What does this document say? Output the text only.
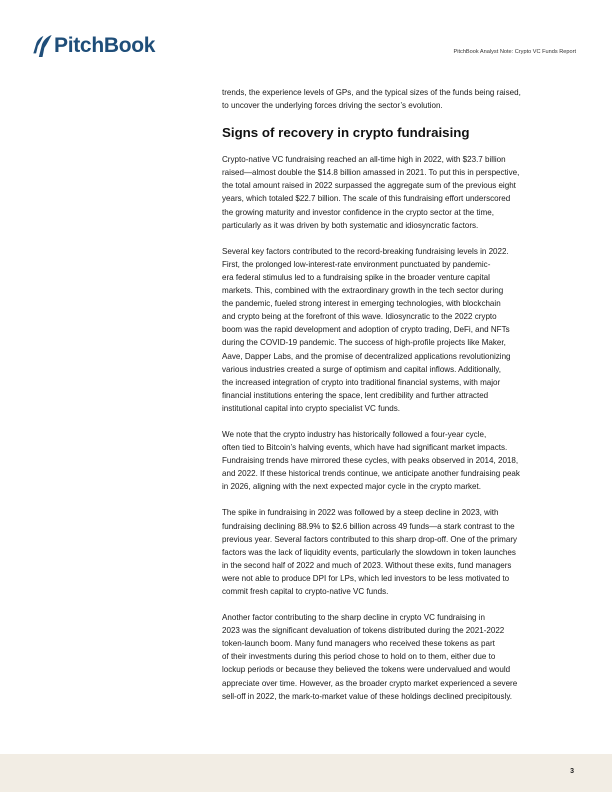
PitchBook	PitchBook Analyst Note: Crypto VC Funds Report

trends, the experience levels of GPs, and the typical sizes of the funds being raised,
to uncover the underlying forces driving the sector’s evolution.

Signs of recovery in crypto fundraising

Crypto-native VC fundraising reached an all-time high in 2022, with $23.7 billion
raised—almost double the $14.8 billion amassed in 2021. To put this in perspective,
the total amount raised in 2022 surpassed the aggregate sum of the previous eight
years, which totaled $22.7 billion. The scale of this fundraising effort underscored
the growing maturity and investor confidence in the crypto sector at the time,
particularly as it was driven by both systematic and idiosyncratic factors.

Several key factors contributed to the record-breaking fundraising levels in 2022.
First, the prolonged low-interest-rate environment punctuated by pandemic-
era federal stimulus led to a fundraising spike in the broader venture capital
markets. This, combined with the extraordinary growth in the tech sector during
the pandemic, fueled strong interest in emerging technologies, with blockchain
and crypto being at the forefront of this wave. Idiosyncratic to the 2022 crypto
boom was the rapid development and adoption of crypto trading, DeFi, and NFTs
during the COVID-19 pandemic. The success of high-profile projects like Maker,
Aave, Dapper Labs, and the promise of decentralized applications revolutionizing
various industries created a surge of optimism and capital inflows. Additionally,
the increased integration of crypto into traditional financial systems, with major
financial institutions entering the space, lent credibility and further attracted
institutional capital into crypto specialist VC funds.

We note that the crypto industry has historically followed a four-year cycle,
often tied to Bitcoin’s halving events, which have had significant market impacts.
Fundraising trends have mirrored these cycles, with peaks observed in 2014, 2018,
and 2022. If these historical trends continue, we anticipate another fundraising peak
in 2026, aligning with the next expected major cycle in the crypto market.

The spike in fundraising in 2022 was followed by a steep decline in 2023, with
fundraising declining 88.9% to $2.6 billion across 49 funds—a stark contrast to the
previous year. Several factors contributed to this sharp drop-off. One of the primary
factors was the lack of liquidity events, particularly the slowdown in token launches
in the second half of 2022 and much of 2023. Without these exits, fund managers
were not able to produce DPI for LPs, which led investors to be less motivated to
commit fresh capital to crypto-native VC funds.

Another factor contributing to the sharp decline in crypto VC fundraising in
2023 was the significant devaluation of tokens distributed during the 2021-2022
token-launch boom. Many fund managers who received these tokens as part
of their investments during this period chose to hold on to them, either due to
lockup periods or because they believed the tokens were undervalued and would
appreciate over time. However, as the broader crypto market experienced a severe
sell-off in 2022, the mark-to-market value of these holdings declined precipitously.

3
